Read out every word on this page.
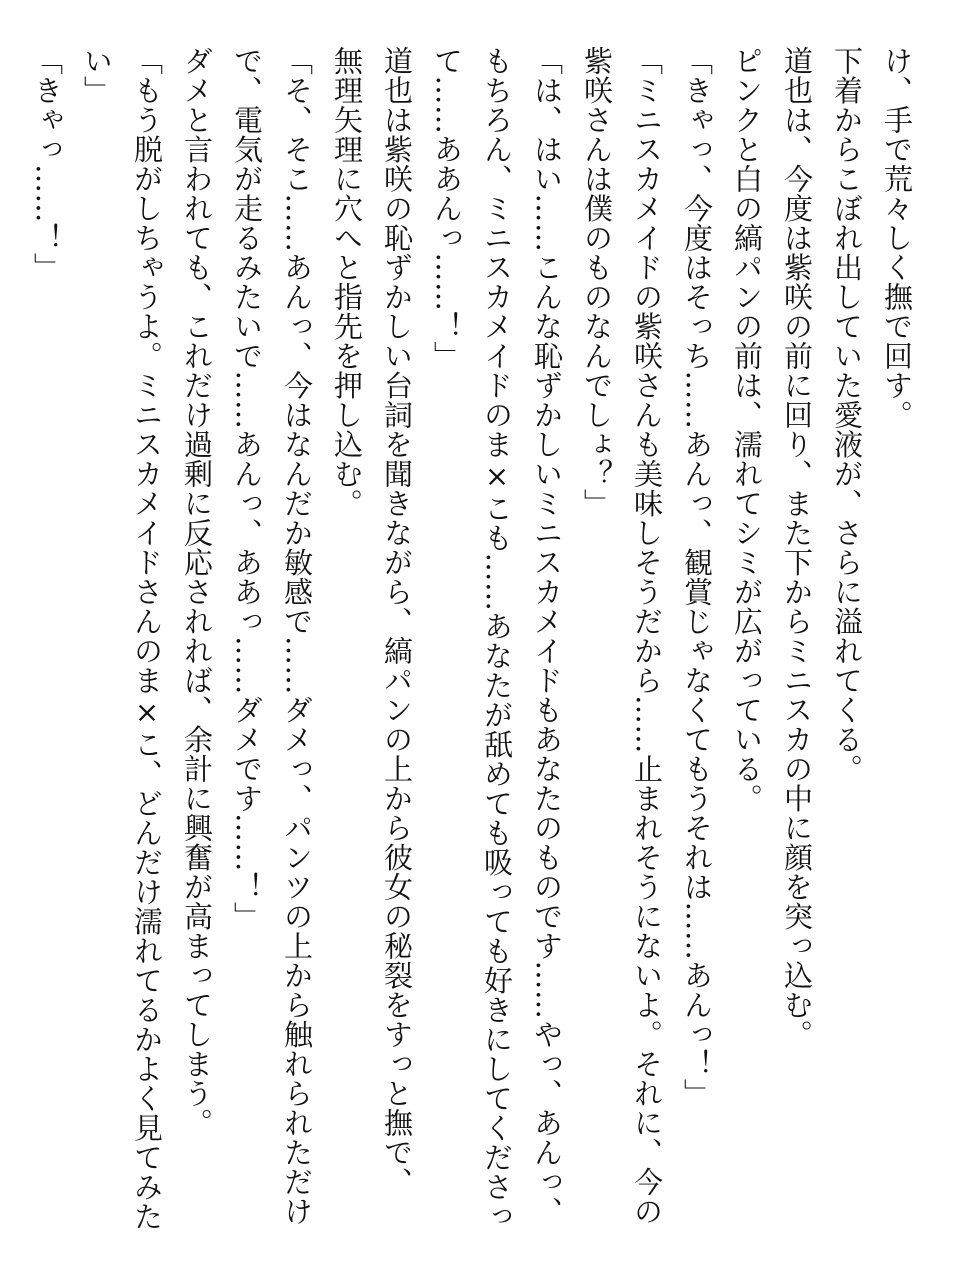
け、手で荒々しく撫で回す。

下着からこぼれ出していた愛液が、さらに溢れてくる。

道也は、今度は紫咲の前に回り、また下からミニスカの中に顔を突っ込む。

ピンクと白の縞パンの前は、濡れてシミが広がっている。

「きゃっ、今度はそっち……あんっ、観賞じゃなくてもうそれは……あんっ！」

「ミニスカメイドの紫咲さんも美味しそうだから……止まれそうにないよ。それに、今の

紫咲さんは僕のものなんでしょ？」

「は、はい……こんな恥ずかしいミニスカメイドもあなたのものです……やっ、あんっ、

もちろん、ミニスカメイドのま×こも……あなたが舐めても吸っても好きにしてくださっ

て……ああんっ……！」

道也は紫咲の恥ずかしい台詞を聞きながら、縞パンの上から彼女の秘裂をすっと撫で、

無理矢理に穴へと指先を押し込む。

「そ、そこ……あんっ、今はなんだか敏感で……ダメっ、パンツの上から触れられただけ

で、電気が走るみたいで……あんっ、ああっ……ダメです……！」

ダメと言われても、これだけ過剰に反応されれば、余計に興奮が高まってしまう。

「もう脱がしちゃうよ。ミニスカメイドさんのま×こ、どんだけ濡れてるかよく見てみた

い」

「きゃっ……！」
